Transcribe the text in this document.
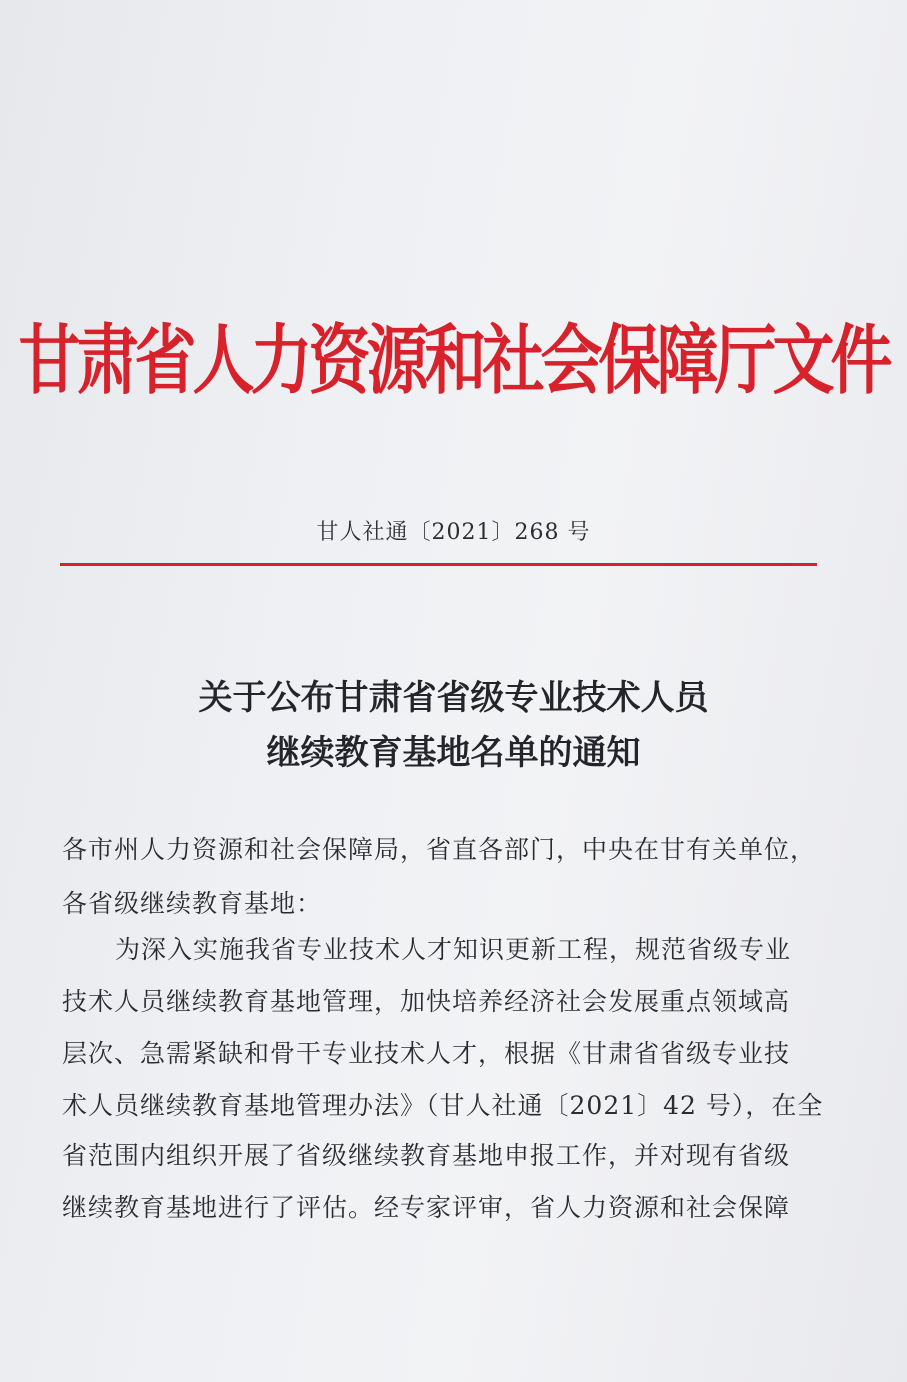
甘肃省人力资源和社会保障厅文件
甘人社通〔2021〕268 号
关于公布甘肃省省级专业技术人员
继续教育基地名单的通知
各市州人力资源和社会保障局，省直各部门，中央在甘有关单位，
各省级继续教育基地：
为深入实施我省专业技术人才知识更新工程，规范省级专业
技术人员继续教育基地管理，加快培养经济社会发展重点领域高
层次、急需紧缺和骨干专业技术人才，根据《甘肃省省级专业技
术人员继续教育基地管理办法》（甘人社通〔2021〕42 号），在全
省范围内组织开展了省级继续教育基地申报工作，并对现有省级
继续教育基地进行了评估。经专家评审，省人力资源和社会保障
